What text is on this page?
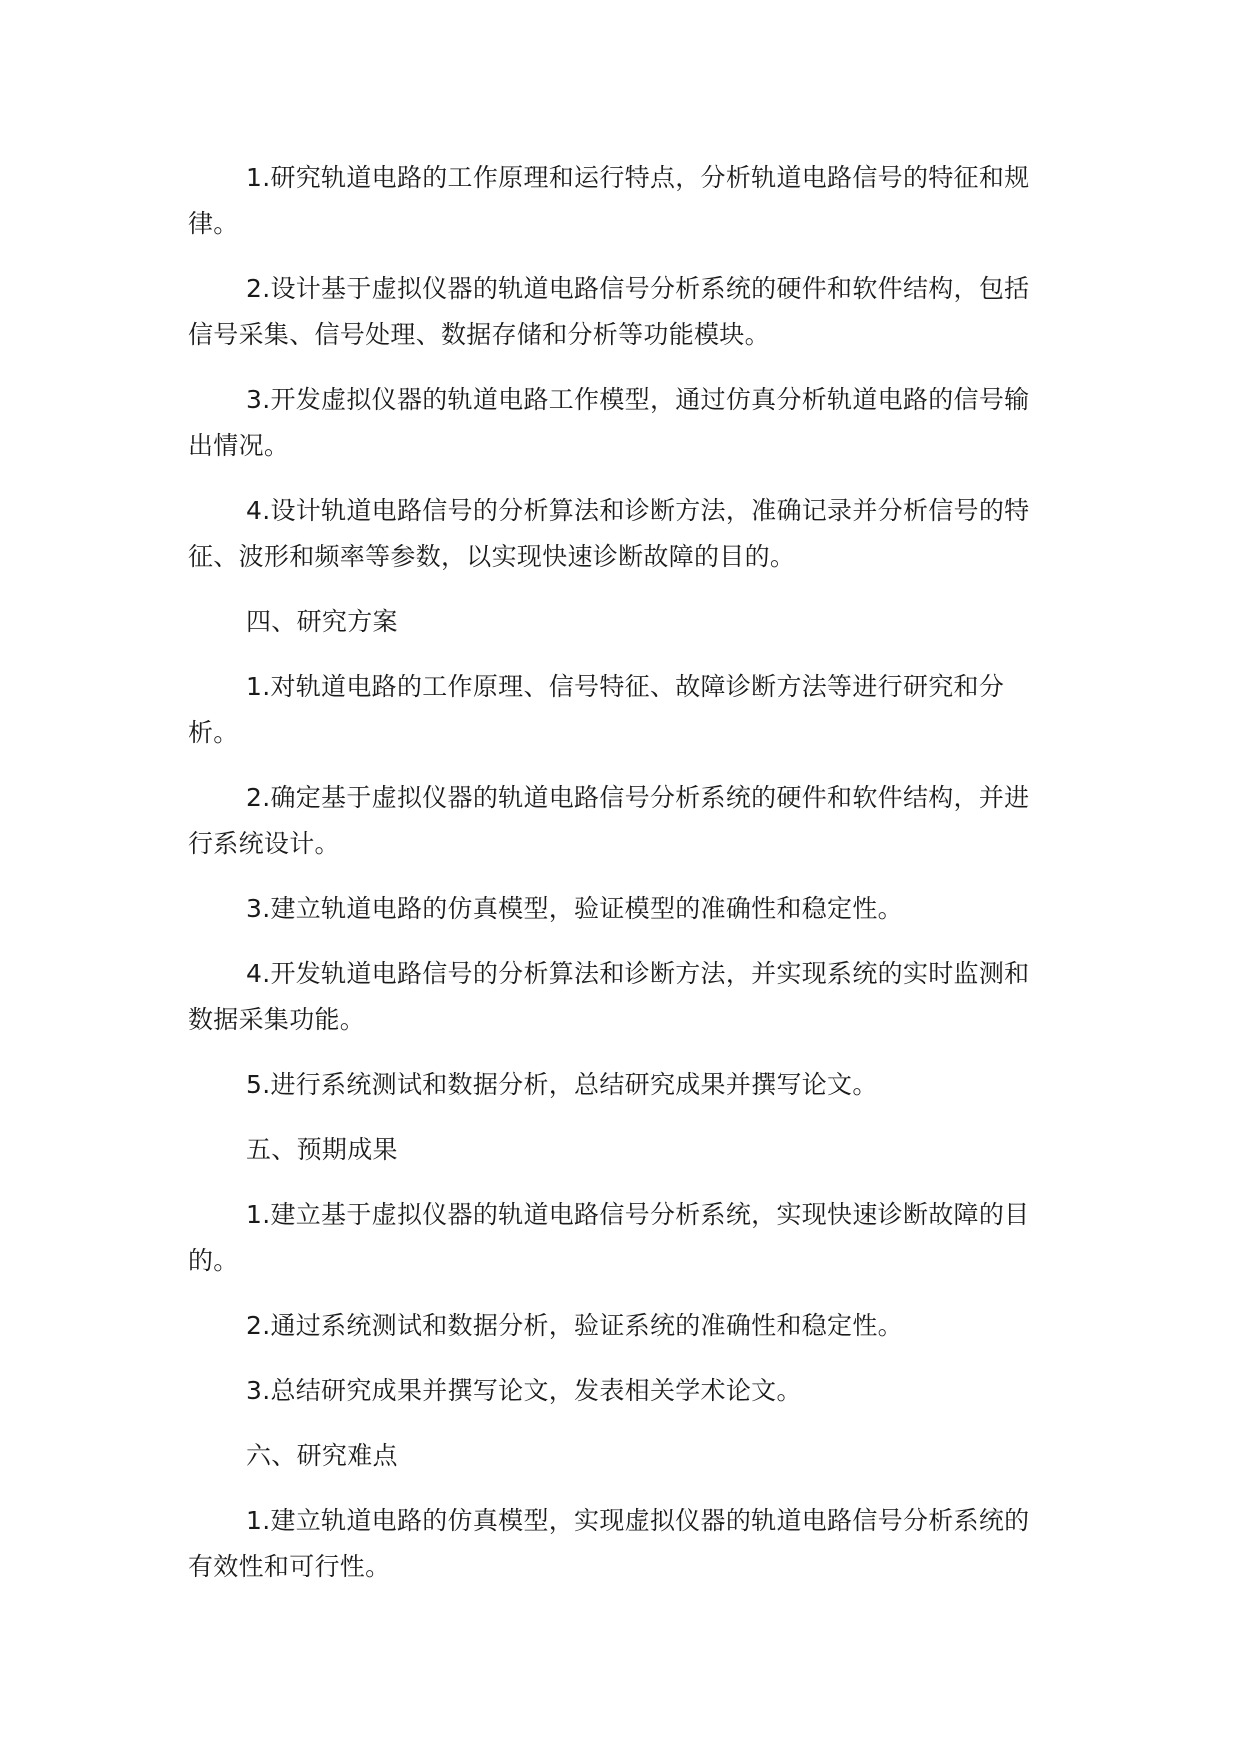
1.研究轨道电路的工作原理和运行特点，分析轨道电路信号的特征和规律。

2.设计基于虚拟仪器的轨道电路信号分析系统的硬件和软件结构，包括信号采集、信号处理、数据存储和分析等功能模块。

3.开发虚拟仪器的轨道电路工作模型，通过仿真分析轨道电路的信号输出情况。

4.设计轨道电路信号的分析算法和诊断方法，准确记录并分析信号的特征、波形和频率等参数，以实现快速诊断故障的目的。

四、研究方案

1.对轨道电路的工作原理、信号特征、故障诊断方法等进行研究和分析。

2.确定基于虚拟仪器的轨道电路信号分析系统的硬件和软件结构，并进行系统设计。

3.建立轨道电路的仿真模型，验证模型的准确性和稳定性。

4.开发轨道电路信号的分析算法和诊断方法，并实现系统的实时监测和数据采集功能。

5.进行系统测试和数据分析，总结研究成果并撰写论文。

五、预期成果

1.建立基于虚拟仪器的轨道电路信号分析系统，实现快速诊断故障的目的。

2.通过系统测试和数据分析，验证系统的准确性和稳定性。

3.总结研究成果并撰写论文，发表相关学术论文。

六、研究难点

1.建立轨道电路的仿真模型，实现虚拟仪器的轨道电路信号分析系统的有效性和可行性。
